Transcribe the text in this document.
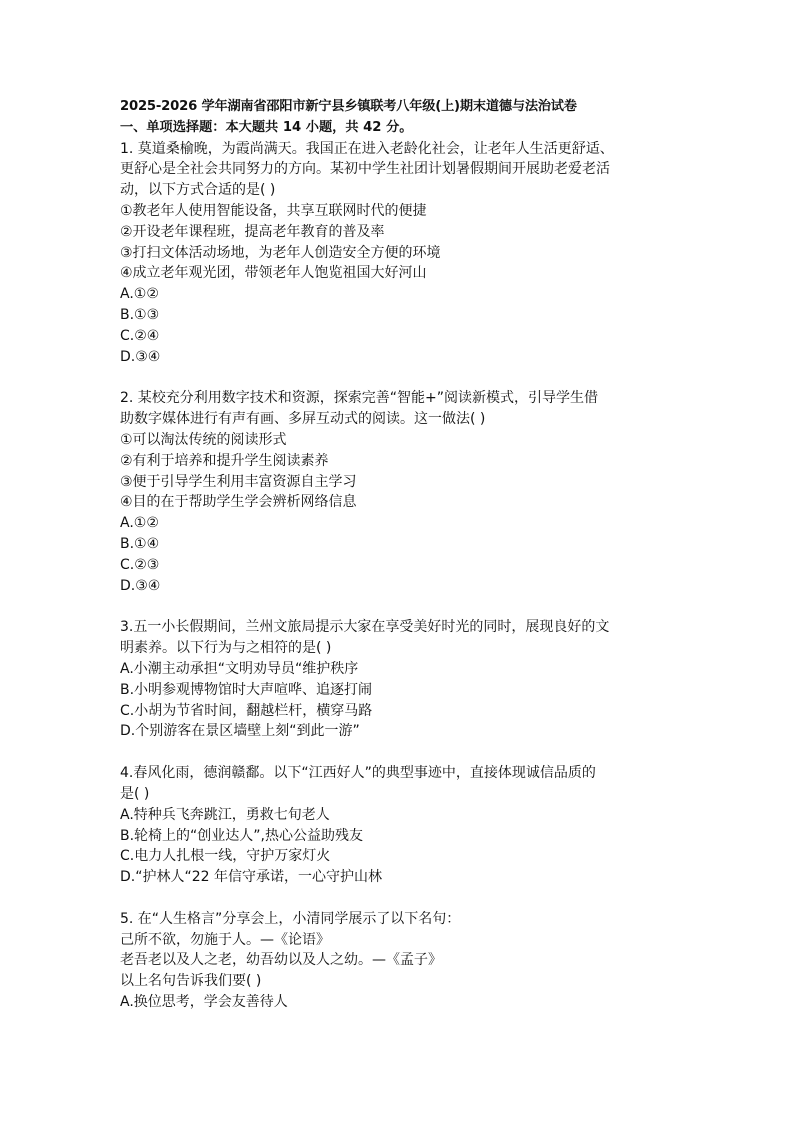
2025-2026 学年湖南省邵阳市新宁县乡镇联考八年级(上)期末道德与法治试卷
一、单项选择题：本大题共 14 小题，共 42 分。
1. 莫道桑榆晚，为霞尚满天。我国正在进入老龄化社会，让老年人生活更舒适、
更舒心是全社会共同努力的方向。某初中学生社团计划暑假期间开展助老爱老活
动，以下方式合适的是( )
①教老年人使用智能设备，共享互联网时代的便捷
②开设老年课程班，提高老年教育的普及率
③打扫文体活动场地，为老年人创造安全方便的环境
④成立老年观光团，带领老年人饱览祖国大好河山
A.①②
B.①③
C.②④
D.③④
2. 某校充分利用数字技术和资源，探索完善“智能+”阅读新模式，引导学生借
助数字媒体进行有声有画、多屏互动式的阅读。这一做法( )
①可以淘汰传统的阅读形式
②有利于培养和提升学生阅读素养
③便于引导学生利用丰富资源自主学习
④目的在于帮助学生学会辨析网络信息
A.①②
B.①④
C.②③
D.③④
3.五一小长假期间，兰州文旅局提示大家在享受美好时光的同时，展现良好的文
明素养。以下行为与之相符的是( )
A.小潮主动承担“文明劝导员“维护秩序
B.小明参观博物馆时大声喧哗、追逐打闹
C.小胡为节省时间，翻越栏杆，横穿马路
D.个别游客在景区墙壁上刻“到此一游”
4.春风化雨，德润赣鄱。以下“江西好人”的典型事迹中，直接体现诚信品质的
是( )
A.特种兵飞奔跳江，勇救七旬老人
B.轮椅上的“创业达人”,热心公益助残友
C.电力人扎根一线，守护万家灯火
D.“护林人“22 年信守承诺，一心守护山林
5. 在“人生格言”分享会上，小清同学展示了以下名句：
己所不欲，勿施于人。—《论语》
老吾老以及人之老，幼吾幼以及人之幼。—《孟子》
以上名句告诉我们要( )
A.换位思考，学会友善待人
